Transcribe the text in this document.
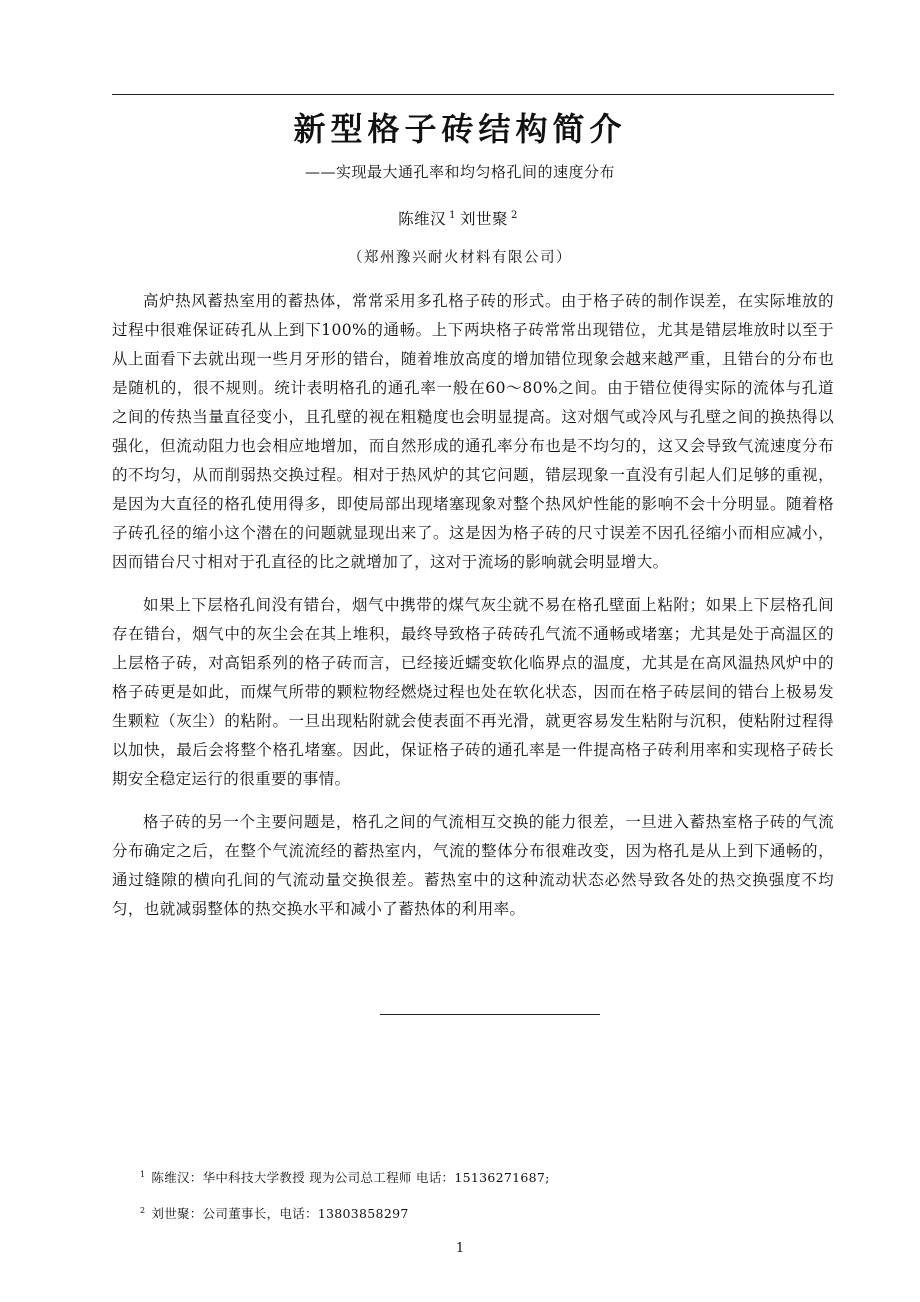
新型格子砖结构简介
——实现最大通孔率和均匀格孔间的速度分布
陈维汉 $^1$ 刘世聚 $^2$
（郑州豫兴耐火材料有限公司）

高炉热风蓄热室用的蓄热体，常常采用多孔格子砖的形式。由于格子砖的制作误差，在实际堆放的过程中很难保证砖孔从上到下100%的通畅。上下两块格子砖常常出现错位，尤其是错层堆放时以至于从上面看下去就出现一些月牙形的错台，随着堆放高度的增加错位现象会越来越严重，且错台的分布也是随机的，很不规则。统计表明格孔的通孔率一般在60～80%之间。由于错位使得实际的流体与孔道之间的传热当量直径变小，且孔壁的视在粗糙度也会明显提高。这对烟气或冷风与孔壁之间的换热得以强化，但流动阻力也会相应地增加，而自然形成的通孔率分布也是不均匀的，这又会导致气流速度分布的不均匀，从而削弱热交换过程。相对于热风炉的其它问题，错层现象一直没有引起人们足够的重视，是因为大直径的格孔使用得多，即使局部出现堵塞现象对整个热风炉性能的影响不会十分明显。随着格子砖孔径的缩小这个潜在的问题就显现出来了。这是因为格子砖的尺寸误差不因孔径缩小而相应减小，因而错台尺寸相对于孔直径的比之就增加了，这对于流场的影响就会明显增大。

如果上下层格孔间没有错台，烟气中携带的煤气灰尘就不易在格孔壁面上粘附；如果上下层格孔间存在错台，烟气中的灰尘会在其上堆积，最终导致格子砖砖孔气流不通畅或堵塞；尤其是处于高温区的上层格子砖，对高铝系列的格子砖而言，已经接近蠕变软化临界点的温度，尤其是在高风温热风炉中的格子砖更是如此，而煤气所带的颗粒物经燃烧过程也处在软化状态，因而在格子砖层间的错台上极易发生颗粒（灰尘）的粘附。一旦出现粘附就会使表面不再光滑，就更容易发生粘附与沉积，使粘附过程得以加快，最后会将整个格孔堵塞。因此，保证格子砖的通孔率是一件提高格子砖利用率和实现格子砖长期安全稳定运行的很重要的事情。

格子砖的另一个主要问题是，格孔之间的气流相互交换的能力很差，一旦进入蓄热室格子砖的气流分布确定之后，在整个气流流经的蓄热室内，气流的整体分布很难改变，因为格孔是从上到下通畅的，通过缝隙的横向孔间的气流动量交换很差。蓄热室中的这种流动状态必然导致各处的热交换强度不均匀，也就减弱整体的热交换水平和减小了蓄热体的利用率。

$^1$ 陈维汉：华中科技大学教授 现为公司总工程师 电话：15136271687;
$^2$ 刘世聚：公司董事长，电话：13803858297
1
